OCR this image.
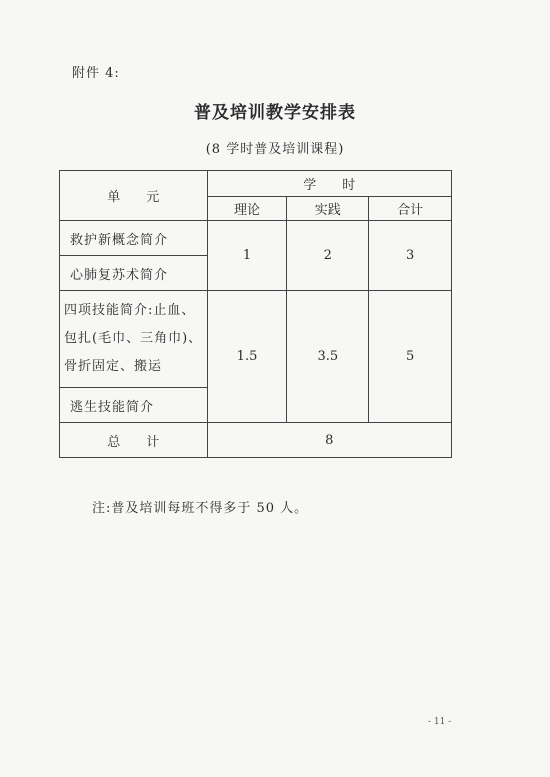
附件 4:
普及培训教学安排表
(8 学时普及培训课程)
单　　元	学　　时		
	理论	实践	合计
救护新概念简介	1	2	3
心肺复苏术简介			
四项技能简介:止血、包扎(毛巾、三角巾)、骨折固定、搬运	1.5	3.5	5
逃生技能简介			
总　　计	8		
注:普及培训每班不得多于 50 人。
- 11 -
